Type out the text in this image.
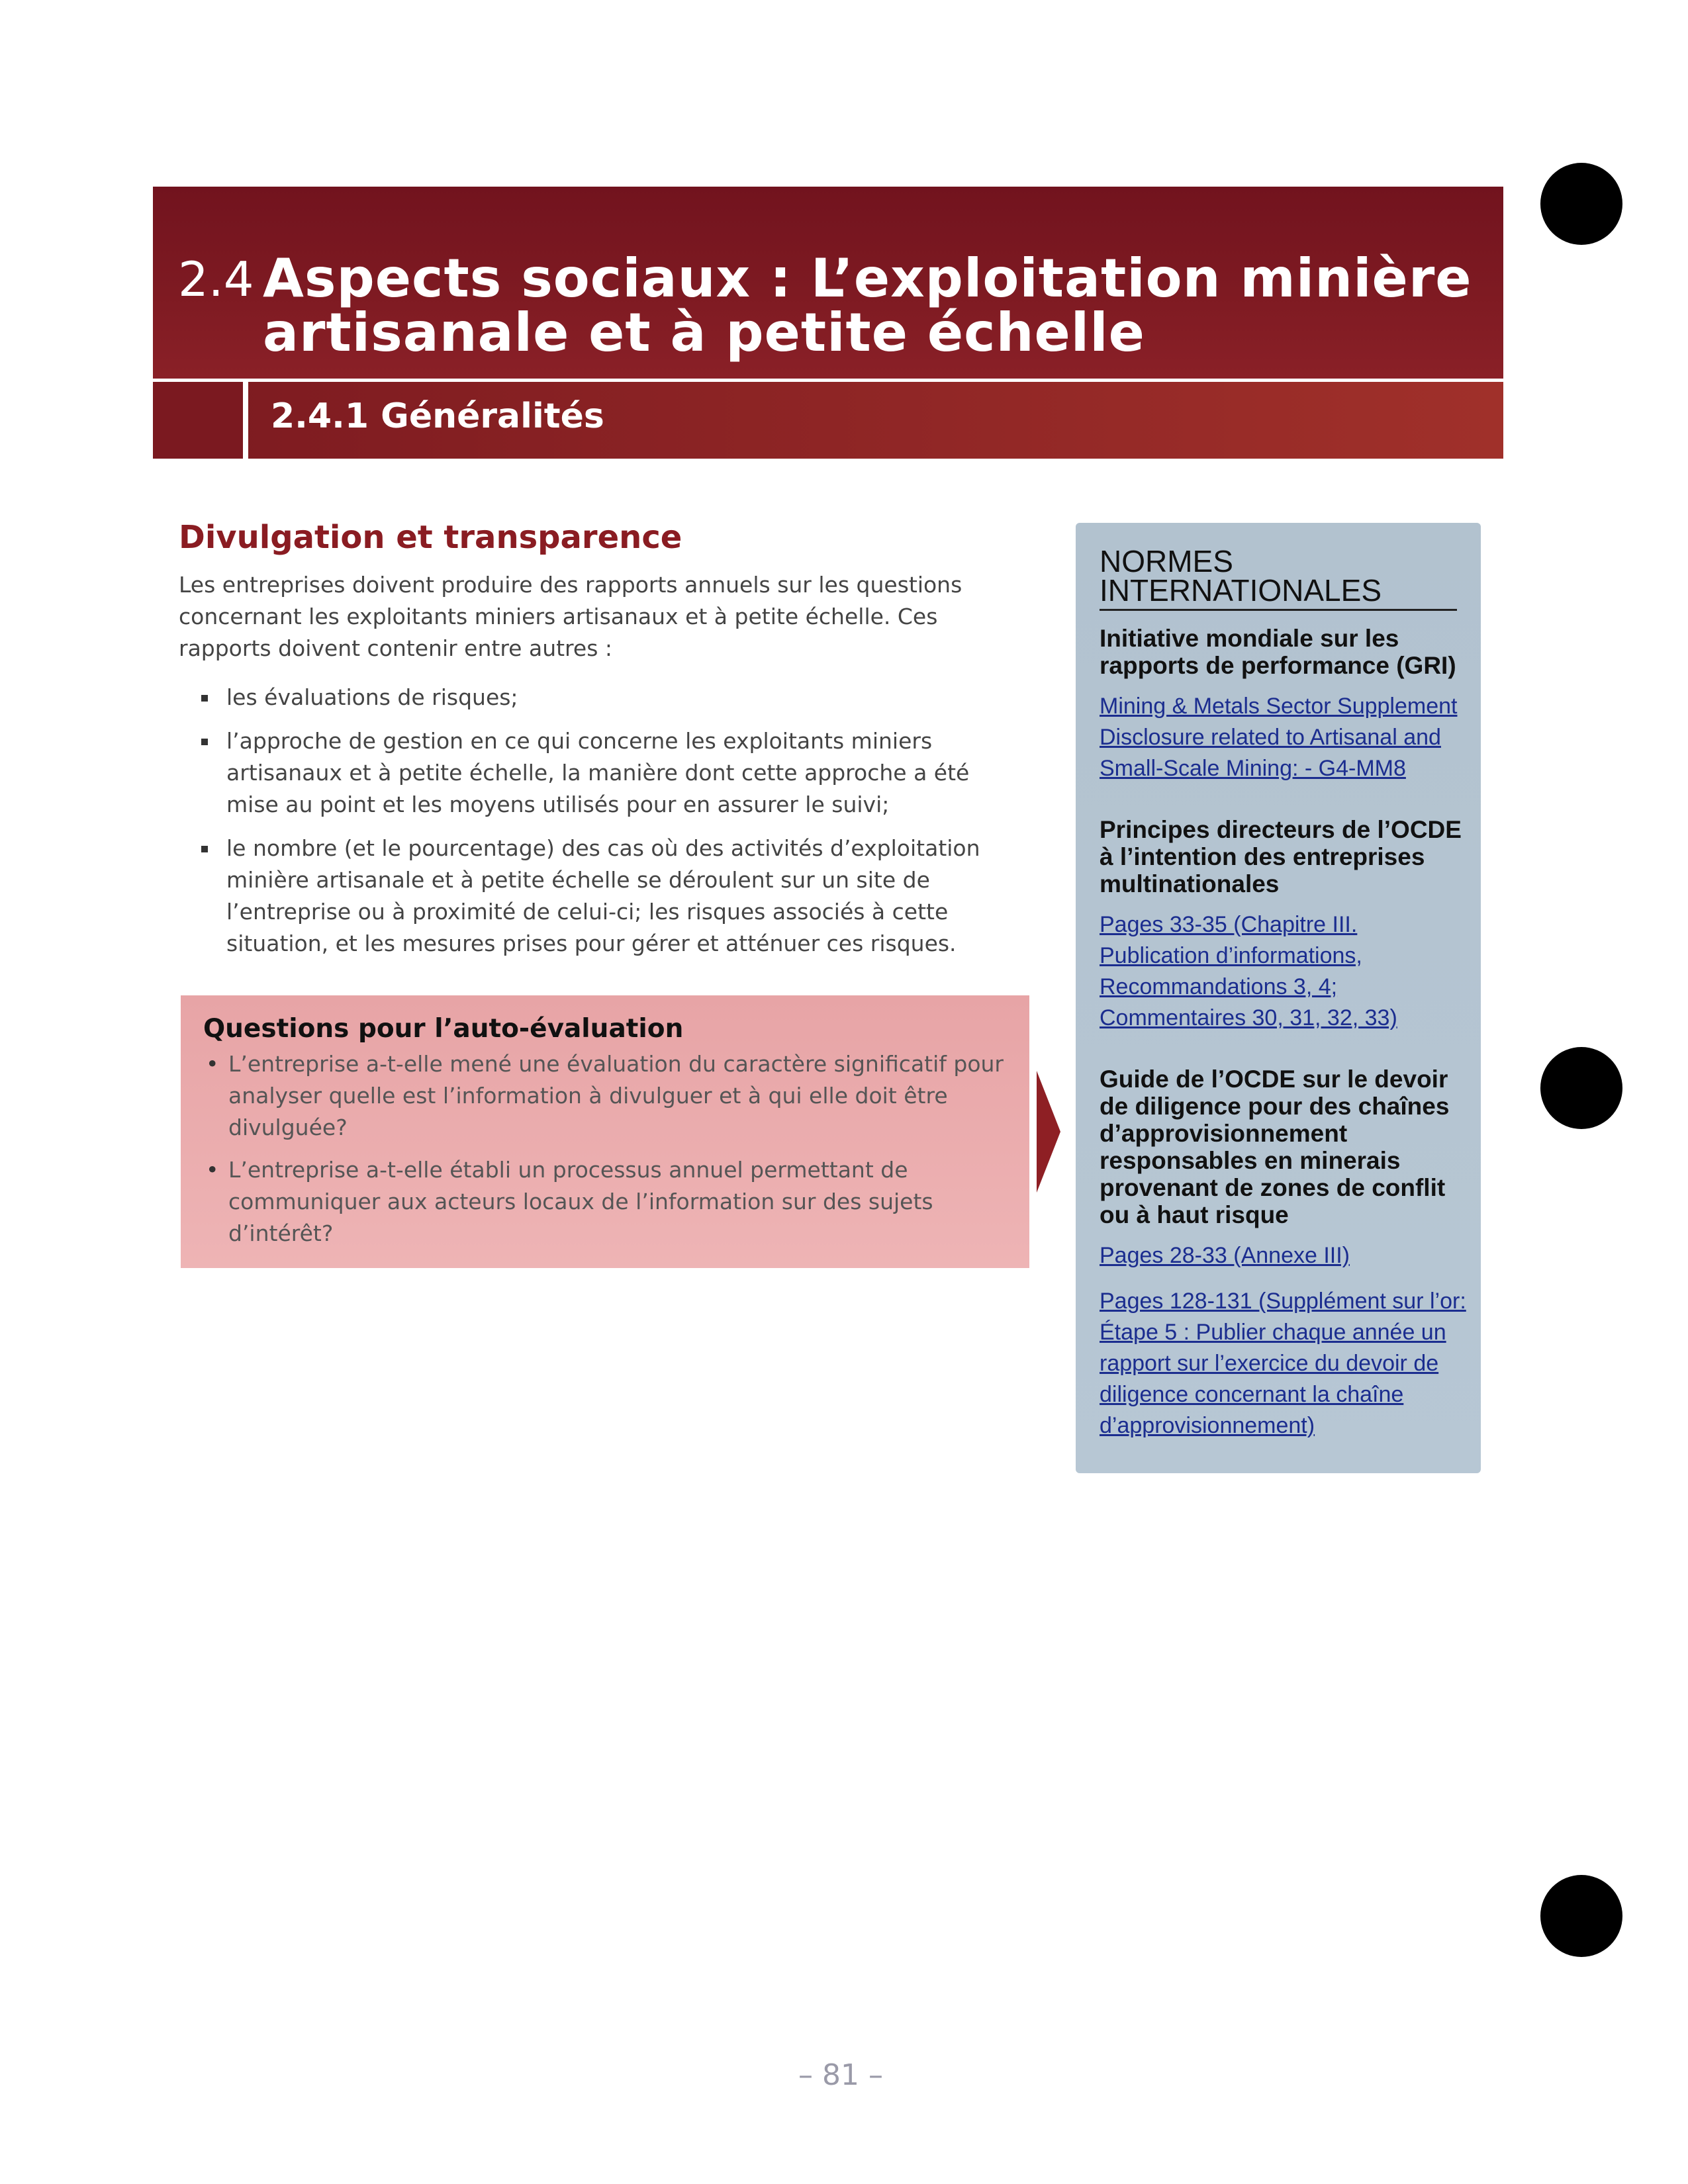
2.4 Aspects sociaux : L’exploitation minière
artisanale et à petite échelle
2.4.1 Généralités
Divulgation et transparence

Les entreprises doivent produire des rapports annuels sur les questions concernant les exploitants miniers artisanaux et à petite échelle. Ces rapports doivent contenir entre autres :

les évaluations de risques;
l’approche de gestion en ce qui concerne les exploitants miniers artisanaux et à petite échelle, la manière dont cette approche a été mise au point et les moyens utilisés pour en assurer le suivi;
le nombre (et le pourcentage) des cas où des activités d’exploitation minière artisanale et à petite échelle se déroulent sur un site de l’entreprise ou à proximité de celui-ci; les risques associés à cette situation, et les mesures prises pour gérer et atténuer ces risques.
Questions pour l’auto-évaluation
• L’entreprise a-t-elle mené une évaluation du caractère significatif pour analyser quelle est l’information à divulguer et à qui elle doit être divulguée?
• L’entreprise a-t-elle établi un processus annuel permettant de communiquer aux acteurs locaux de l’information sur des sujets d’intérêt?
NORMES INTERNATIONALES

Initiative mondiale sur les rapports de performance (GRI)

Mining & Metals Sector Supplement Disclosure related to Artisanal and Small-Scale Mining: - G4-MM8

Principes directeurs de l’OCDE à l’intention des entreprises multinationales

Pages 33-35 (Chapitre III. Publication d’informations, Recommandations 3, 4; Commentaires 30, 31, 32, 33)

Guide de l’OCDE sur le devoir de diligence pour des chaînes d’approvisionnement responsables en minerais provenant de zones de conflit ou à haut risque

Pages 28-33 (Annexe III)
Pages 128-131 (Supplément sur l’or: Étape 5 : Publier chaque année un rapport sur l’exercice du devoir de diligence concernant la chaîne d’approvisionnement)
– 81 –
